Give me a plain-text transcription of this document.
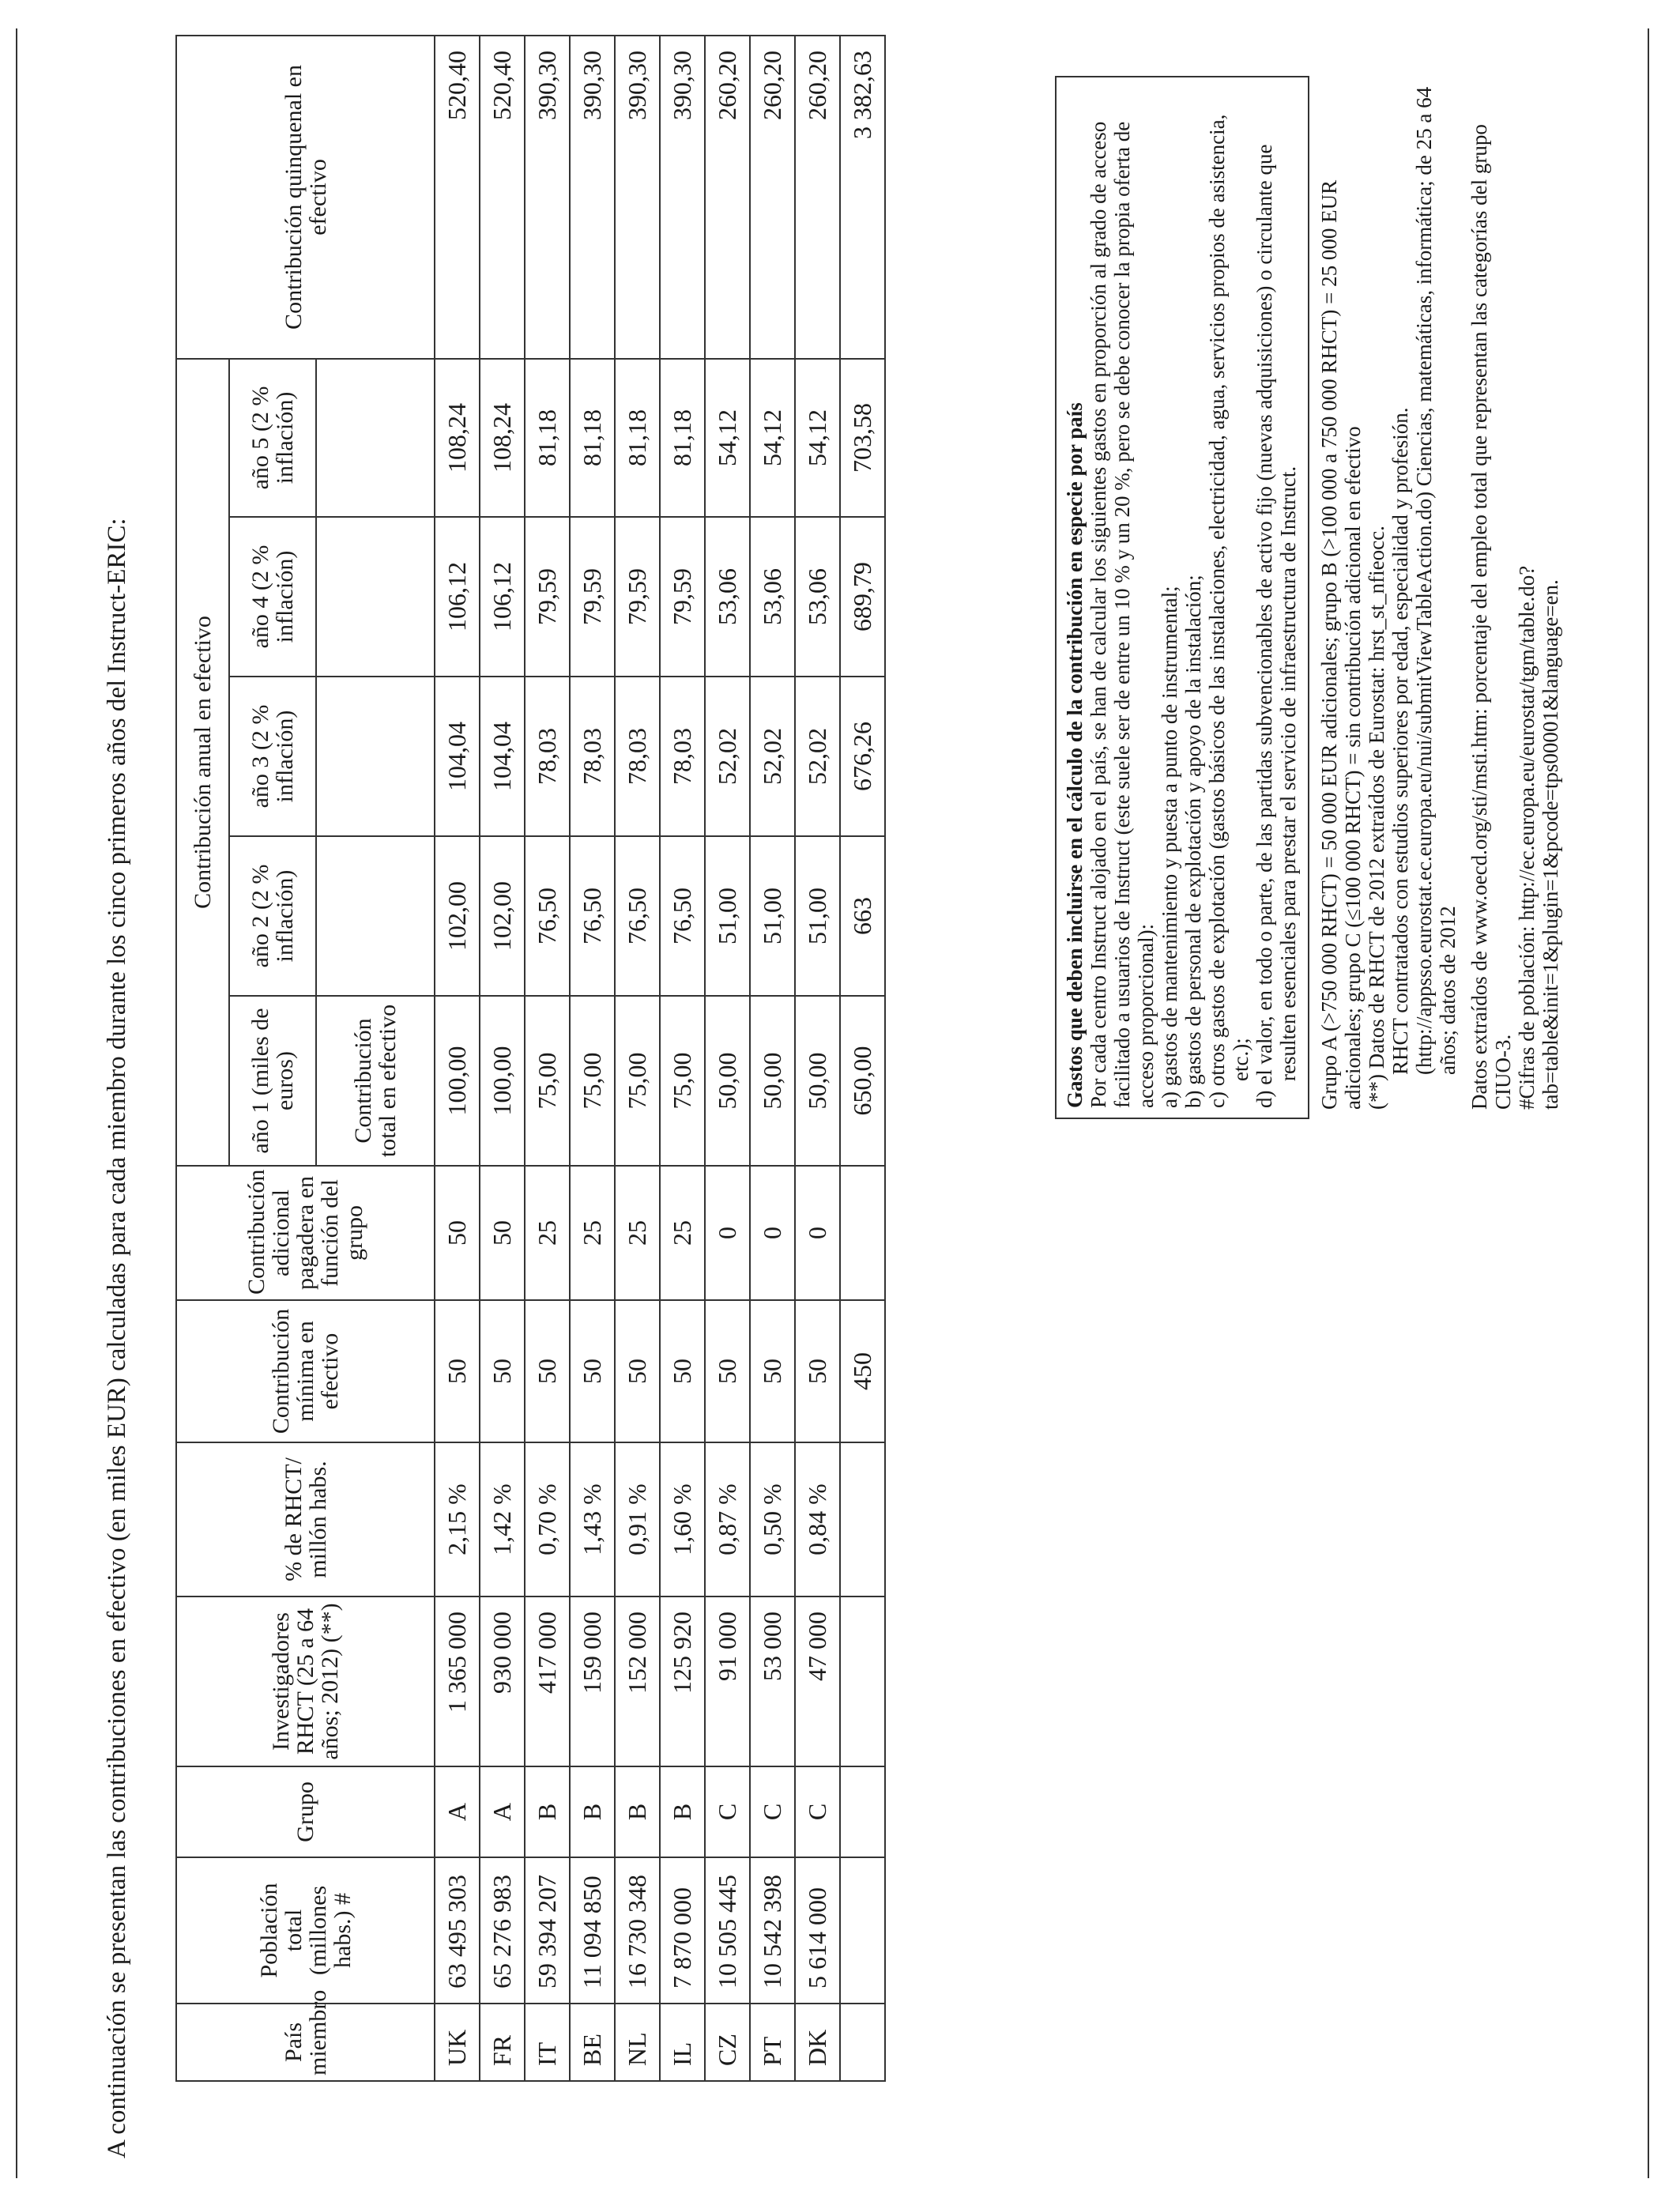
A continuación se presentan las contribuciones en efectivo (en miles EUR) calculadas para cada miembro durante los cinco primeros años del Instruct-ERIC:	País miembro	Población total (millones habs.) #	Grupo	Investigadores RHCT (25 a 64 años; 2012) (**)	% de RHCT/ millón habs.	Contribución mínima en efectivo	Contribución adicional pagadera en función del grupo	Contribución anual en efectivo					Contribución quinquenal en efectivo
							año 1 (miles de euros)	año 2 (2 % inflación)	año 3 (2 % inflación)	año 4 (2 % inflación)	año 5 (2 % inflación)	
							Contribución total en efectivo					
UK	63 495 303	A	1 365 000	2,15 %	50	50	100,00	102,00	104,04	106,12	108,24	520,40
FR	65 276 983	A	930 000	1,42 %	50	50	100,00	102,00	104,04	106,12	108,24	520,40
IT	59 394 207	B	417 000	0,70 %	50	25	75,00	76,50	78,03	79,59	81,18	390,30
BE	11 094 850	B	159 000	1,43 %	50	25	75,00	76,50	78,03	79,59	81,18	390,30
NL	16 730 348	B	152 000	0,91 %	50	25	75,00	76,50	78,03	79,59	81,18	390,30
IL	7 870 000	B	125 920	1,60 %	50	25	75,00	76,50	78,03	79,59	81,18	390,30
CZ	10 505 445	C	91 000	0,87 %	50	0	50,00	51,00	52,02	53,06	54,12	260,20
PT	10 542 398	C	53 000	0,50 %	50	0	50,00	51,00	52,02	53,06	54,12	260,20
DK	5 614 000	C	47 000	0,84 %	50	0	50,00	51,00	52,02	53,06	54,12	260,20
					450		650,00	663	676,26	689,79	703,58	3 382,63
Gastos que deben incluirse en el cálculo de la contribución en especie por país Por cada centro Instruct alojado en el país, se han de calcular los siguientes gastos en proporción al grado de acceso facilitado a usuarios de Instruct (este suele ser de entre un 10 % y un 20 %, pero se debe conocer la propia oferta de acceso proporcional): a) gastos de mantenimiento y puesta a punto de instrumental; b) gastos de personal de explotación y apoyo de la instalación; c) otros gastos de explotación (gastos básicos de las instalaciones, electricidad, agua, servicios propios de asistencia, etc.); d) el valor, en todo o parte, de las partidas subvencionables de activo fijo (nuevas adquisiciones) o circulante que resulten esenciales para prestar el servicio de infraestructura de Instruct. Grupo A (>750 000 RHCT) = 50 000 EUR adicionales; grupo B (>100 000 a 750 000 RHCT) = 25 000 EUR adicionales; grupo C (≤100 000 RHCT) = sin contribución adicional en efectivo (**) Datos de RHCT de 2012 extraídos de Eurostat: hrst_st_nfieocc. RHCT contratados con estudios superiores por edad, especialidad y profesión. (http://appsso.eurostat.ec.europa.eu/nui/submitViewTableAction.do) Ciencias, matemáticas, informática; de 25 a 64 años; datos de 2012 Datos extraídos de www.oecd.org/sti/msti.htm: porcentaje del empleo total que representan las categorías del grupo CIUO-3. #Cifras de población: http://ec.europa.eu/eurostat/tgm/table.do?tab=table&init=1&plugin=1&pcode=tps00001&language=en.
